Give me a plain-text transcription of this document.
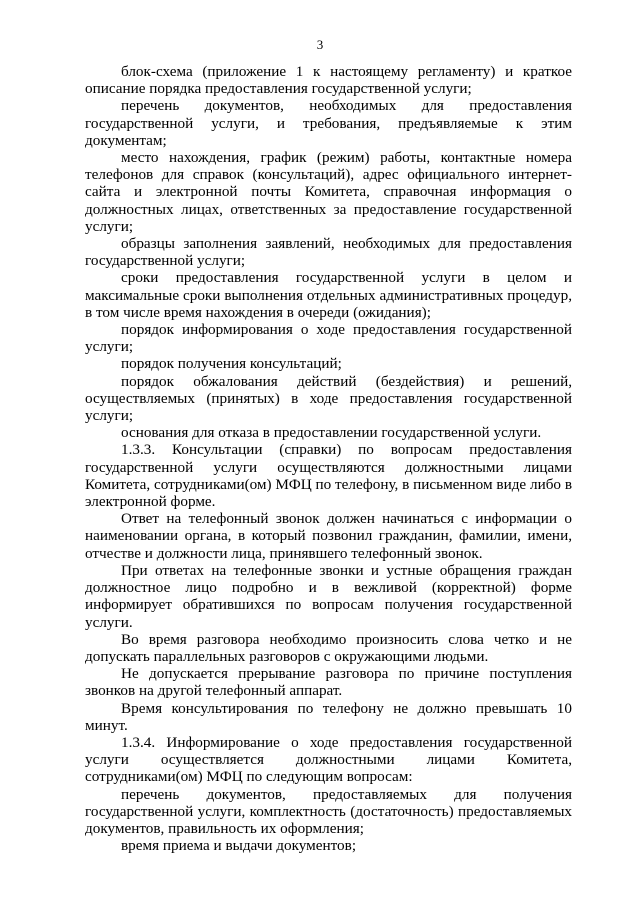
3

блок-схема (приложение 1 к настоящему регламенту) и краткое описание порядка предоставления государственной услуги;

перечень документов, необходимых для предоставления государственной услуги, и требования, предъявляемые к этим документам;

место нахождения, график (режим) работы, контактные номера телефонов для справок (консультаций), адрес официального интернет-сайта и электронной почты Комитета, справочная информация о должностных лицах, ответственных за предоставление государственной услуги;

образцы заполнения заявлений, необходимых для предоставления государственной услуги;

сроки предоставления государственной услуги в целом и максимальные сроки выполнения отдельных административных процедур, в том числе время нахождения в очереди (ожидания);

порядок информирования о ходе предоставления государственной услуги;

порядок получения консультаций;

порядок обжалования действий (бездействия) и решений, осуществляемых (принятых) в ходе предоставления государственной услуги;

основания для отказа в предоставлении государственной услуги.

1.3.3. Консультации (справки) по вопросам предоставления государственной услуги осуществляются должностными лицами Комитета, сотрудниками(ом) МФЦ по телефону, в письменном виде либо в электронной форме.

Ответ на телефонный звонок должен начинаться с информации о наименовании органа, в который позвонил гражданин, фамилии, имени, отчестве и должности лица, принявшего телефонный звонок.

При ответах на телефонные звонки и устные обращения граждан должностное лицо подробно и в вежливой (корректной) форме информирует обратившихся по вопросам получения государственной услуги.

Во время разговора необходимо произносить слова четко и не допускать параллельных разговоров с окружающими людьми.

Не допускается прерывание разговора по причине поступления звонков на другой телефонный аппарат.

Время консультирования по телефону не должно превышать 10 минут.

1.3.4. Информирование о ходе предоставления государственной услуги осуществляется должностными лицами Комитета, сотрудниками(ом) МФЦ по следующим вопросам:

перечень документов, предоставляемых для получения государственной услуги, комплектность (достаточность) предоставляемых документов, правильность их оформления;

время приема и выдачи документов;
